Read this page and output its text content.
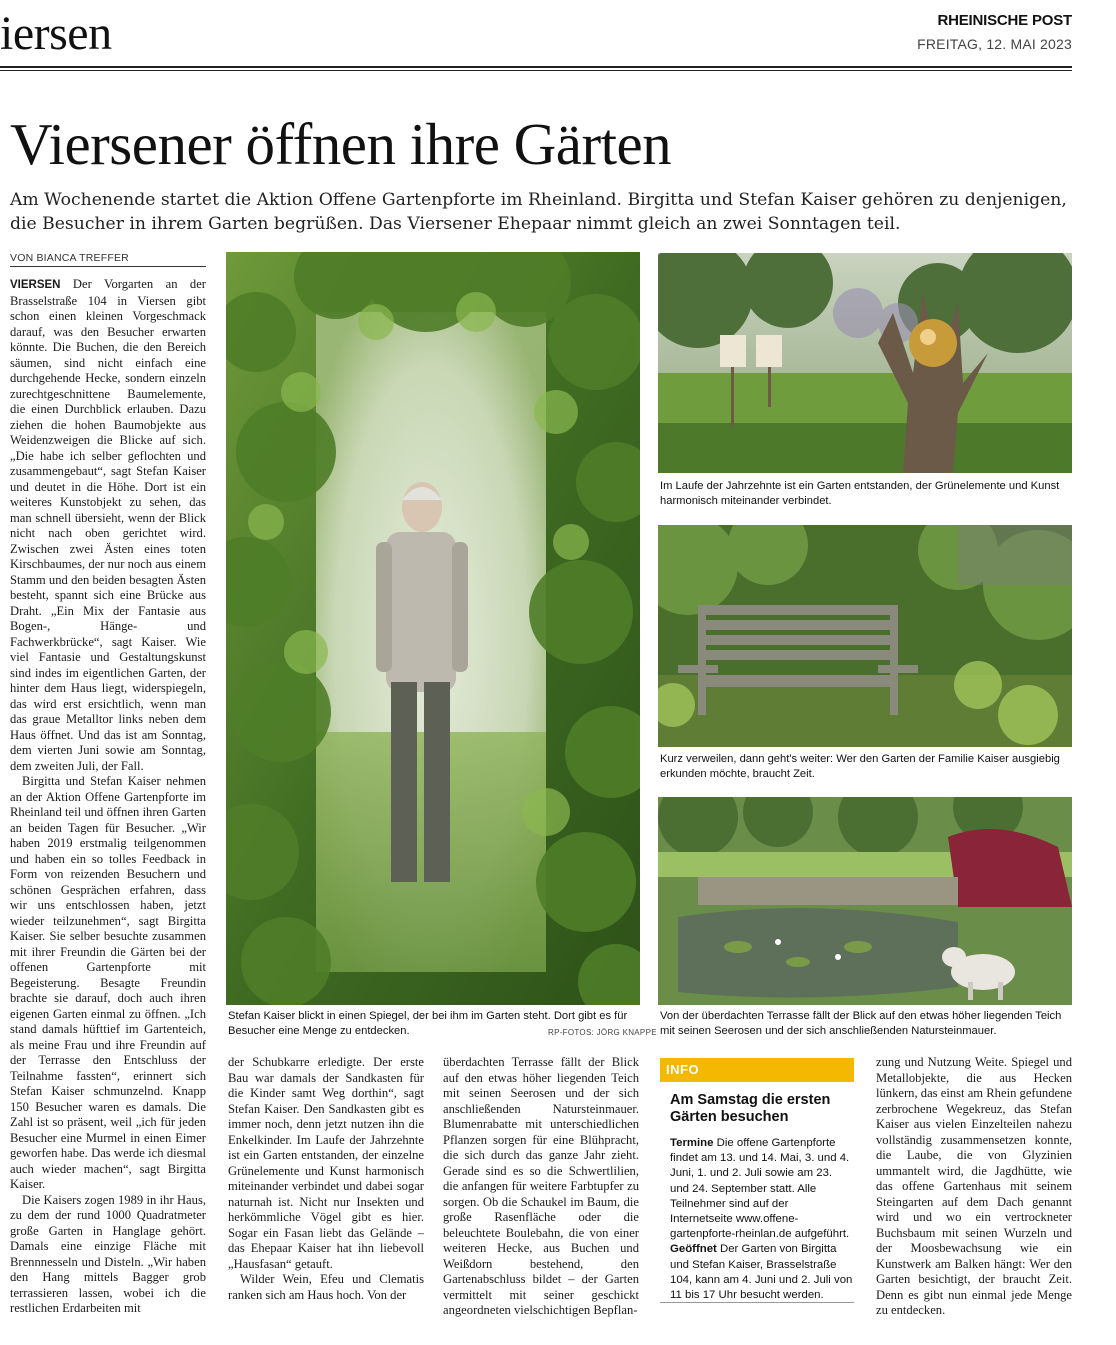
iersen	RHEINISCHE POST
FREITAG, 12. MAI 2023
Viersener öffnen ihre Gärten
Am Wochenende startet die Aktion Offene Gartenpforte im Rheinland. Birgitta und Stefan Kaiser gehören zu denjenigen, die Besucher in ihrem Garten begrüßen. Das Viersener Ehepaar nimmt gleich an zwei Sonntagen teil.
VON BIANCA TREFFER

VIERSEN Der Vorgarten an der Brasselstraße 104 in Viersen gibt schon einen kleinen Vorgeschmack darauf, was den Besucher erwarten könnte. Die Buchen, die den Bereich säumen, sind nicht einfach eine durchgehende Hecke, sondern einzeln zurechtgeschnittene Baumelemente, die einen Durchblick erlauben. Dazu ziehen die hohen Baumobjekte aus Weidenzweigen die Blicke auf sich. „Die habe ich selber geflochten und zusammengebaut“, sagt Stefan Kaiser und deutet in die Höhe. Dort ist ein weiteres Kunstobjekt zu sehen, das man schnell übersieht, wenn der Blick nicht nach oben gerichtet wird. Zwischen zwei Ästen eines toten Kirschbaumes, der nur noch aus einem Stamm und den beiden besagten Ästen besteht, spannt sich eine Brücke aus Draht. „Ein Mix der Fantasie aus Bogen-, Hänge- und Fachwerkbrücke“, sagt Kaiser. Wie viel Fantasie und Gestaltungskunst sind indes im eigentlichen Garten, der hinter dem Haus liegt, widerspiegeln, das wird erst ersichtlich, wenn man das graue Metalltor links neben dem Haus öffnet. Und das ist am Sonntag, dem vierten Juni sowie am Sonntag, dem zweiten Juli, der Fall.

Birgitta und Stefan Kaiser nehmen an der Aktion Offene Gartenpforte im Rheinland teil und öffnen ihren Garten an beiden Tagen für Besucher. „Wir haben 2019 erstmalig teilgenommen und haben ein so tolles Feedback in Form von reizenden Besuchern und schönen Gesprächen erfahren, dass wir uns entschlossen haben, jetzt wieder teilzunehmen“, sagt Birgitta Kaiser. Sie selber besuchte zusammen mit ihrer Freundin die Gärten bei der offenen Gartenpforte mit Begeisterung. Besagte Freundin brachte sie darauf, doch auch ihren eigenen Garten einmal zu öffnen. „Ich stand damals hüfttief im Gartenteich, als meine Frau und ihre Freundin auf der Terrasse den Entschluss der Teilnahme fassten“, erinnert sich Stefan Kaiser schmunzelnd. Knapp 150 Besucher waren es damals. Die Zahl ist so präsent, weil „ich für jeden Besucher eine Murmel in einen Eimer geworfen habe. Das werde ich diesmal auch wieder machen“, sagt Birgitta Kaiser.

Die Kaisers zogen 1989 in ihr Haus, zu dem der rund 1000 Quadratmeter große Garten in Hanglage gehört. Damals eine einzige Fläche mit Brennnesseln und Disteln. „Wir haben den Hang mittels Bagger grob terrassieren lassen, wobei ich die restlichen Erdarbeiten mit

Stefan Kaiser blickt in einen Spiegel, der bei ihm im Garten steht. Dort gibt es für Besucher eine Menge zu entdecken.	RP-FOTOS: JÖRG KNAPPE
Im Laufe der Jahrzehnte ist ein Garten entstanden, der Grünelemente und Kunst harmonisch miteinander verbindet.
Kurz verweilen, dann geht's weiter: Wer den Garten der Familie Kaiser ausgiebig erkunden möchte, braucht Zeit.
Von der überdachten Terrasse fällt der Blick auf den etwas höher liegenden Teich mit seinen Seerosen und der sich anschließenden Natursteinmauer.

der Schubkarre erledigte. Der erste Bau war damals der Sandkasten für die Kinder samt Weg dorthin“, sagt Stefan Kaiser. Den Sandkasten gibt es immer noch, denn jetzt nutzen ihn die Enkelkinder. Im Laufe der Jahrzehnte ist ein Garten entstanden, der einzelne Grünelemente und Kunst harmonisch miteinander verbindet und dabei sogar naturnah ist. Nicht nur Insekten und herkömmliche Vögel gibt es hier. Sogar ein Fasan liebt das Gelände – das Ehepaar Kaiser hat ihn liebevoll „Hausfasan“ getauft.

Wilder Wein, Efeu und Clematis ranken sich am Haus hoch. Von der

überdachten Terrasse fällt der Blick auf den etwas höher liegenden Teich mit seinen Seerosen und der sich anschließenden Natursteinmauer. Blumenrabatte mit unterschiedlichen Pflanzen sorgen für eine Blühpracht, die sich durch das ganze Jahr zieht. Gerade sind es so die Schwertlilien, die anfangen für weitere Farbtupfer zu sorgen. Ob die Schaukel im Baum, die große Rasenfläche oder die beleuchtete Boulebahn, die von einer weiteren Hecke, aus Buchen und Weißdorn bestehend, den Gartenabschluss bildet – der Garten vermittelt mit seiner geschickt angeordneten vielschichtigen Bepflan-

INFO
Am Samstag die ersten Gärten besuchen

Termine Die offene Gartenpforte findet am 13. und 14. Mai, 3. und 4. Juni, 1. und 2. Juli sowie am 23. und 24. September statt. Alle Teilnehmer sind auf der Internetseite www.offene-gartenpforte-rheinlan.de aufgeführt.

Geöffnet Der Garten von Birgitta und Stefan Kaiser, Brasselstraße 104, kann am 4. Juni und 2. Juli von 11 bis 17 Uhr besucht werden.

zung und Nutzung Weite. Spiegel und Metallobjekte, die aus Hecken lünkern, das einst am Rhein gefundene zerbrochene Wegekreuz, das Stefan Kaiser aus vielen Einzelteilen nahezu vollständig zusammensetzen konnte, die Laube, die von Glyzinien ummantelt wird, die Jagdhütte, wie das offene Gartenhaus mit seinem Steingarten auf dem Dach genannt wird und wo ein vertrockneter Buchsbaum mit seinen Wurzeln und der Moosbewachsung wie ein Kunstwerk am Balken hängt: Wer den Garten besichtigt, der braucht Zeit. Denn es gibt nun einmal jede Menge zu entdecken.
